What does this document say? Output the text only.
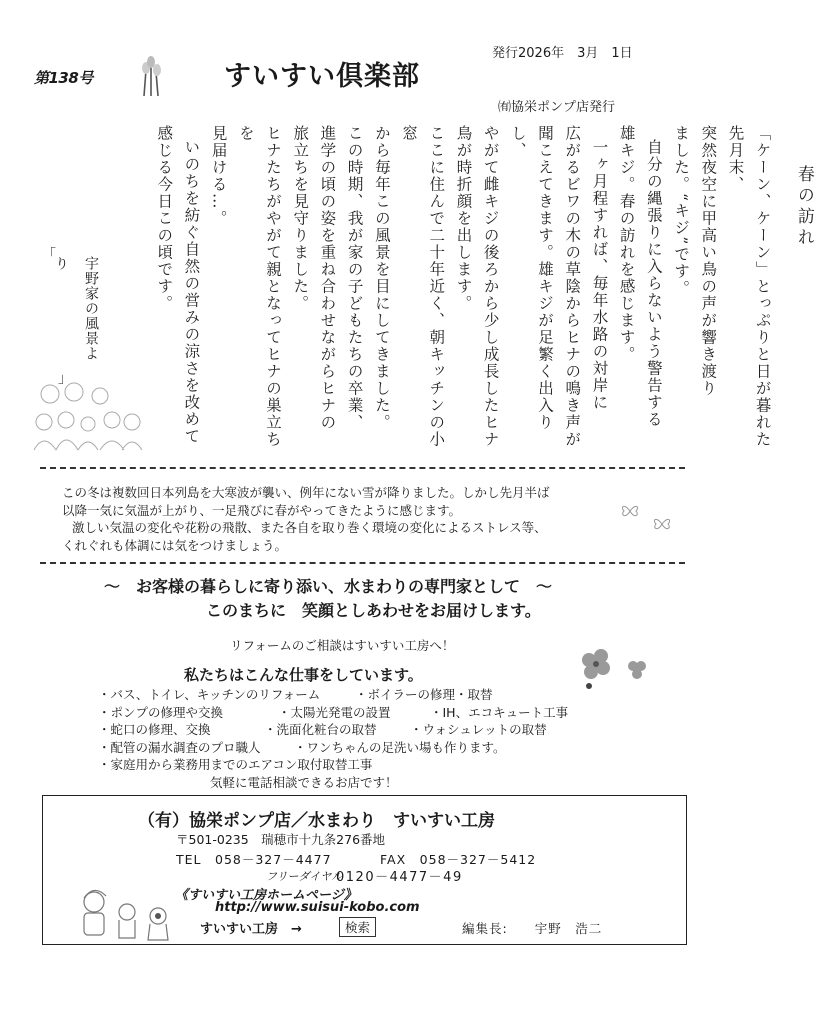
第138号	すいすい倶楽部
発行2026年　3月　1日
㈲協栄ポンプ店発行
「
宇野家の風景より
」
春の訪れ
「ケーン、ケーン」とっぷりと日が暮れた先月末、
突然夜空に甲高い鳥の声が響き渡り
ました。“キジ”です。
自分の縄張りに入らないよう警告する
雄キジ。春の訪れを感じます。
一ヶ月程すれば、毎年水路の対岸に
広がるビワの木の草陰からヒナの鳴き声が
聞こえてきます。雄キジが足繁く出入りし、
やがて雌キジの後ろから少し成長したヒナ
鳥が時折顔を出します。
ここに住んで二十年近く、朝キッチンの小窓
から毎年この風景を目にしてきました。
この時期、我が家の子どもたちの卒業、
進学の頃の姿を重ね合わせながらヒナの
旅立ちを見守りました。
ヒナたちがやがて親となってヒナの巣立ちを
見届ける…。
いのちを紡ぐ自然の営みの涼さを改めて
感じる今日この頃です。

この冬は複数回日本列島を大寒波が襲い、例年にない雪が降りました。しかし先月半ば

以降一気に気温が上がり、一足飛びに春がやってきたように感じます。

激しい気温の変化や花粉の飛散、また各自を取り巻く環境の変化によるストレス等、

くれぐれも体調には気をつけましょう。

～　お客様の暮らしに寄り添い、水まわりの専門家として　～
このまちに　笑顔としあわせをお届けします。
リフォームのご相談はすいすい工房へ！
私たちはこんな仕事をしています。
・バス、トイレ、キッチンのリフォーム	・ボイラーの修理・取替
・ポンプの修理や交換	・太陽光発電の設置	・IH、エコキュート工事
・蛇口の修理、交換	・洗面化粧台の取替	・ウォシュレットの取替
・配管の漏水調査のプロ職人	・ワンちゃんの足洗い場も作ります。
・家庭用から業務用までのエアコン取付取替工事
気軽に電話相談できるお店です！
（有）協栄ポンプ店／水まわり　すいすい工房
〒501-0235　瑞穂市十九条276番地
TEL　058－327－4477	FAX　058－327－5412
フリーダイヤル
0120－4477－49
《すいすい工房ホームページ》
http://www.suisui-kobo.com
すいすい工房　→	検索	編集長:　　宇野　浩二
